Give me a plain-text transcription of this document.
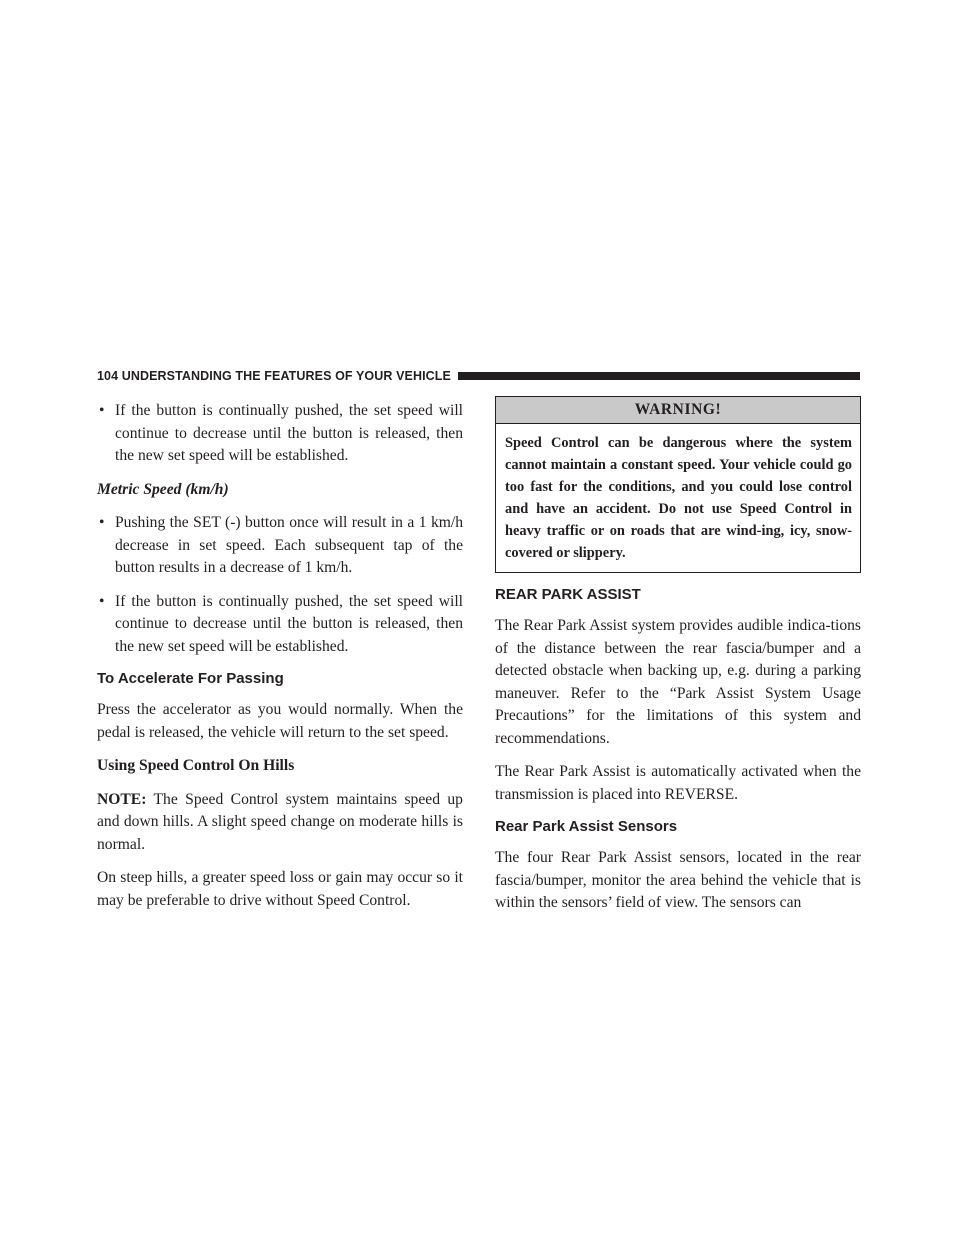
104 UNDERSTANDING THE FEATURES OF YOUR VEHICLE

• If the button is continually pushed, the set speed will continue to decrease until the button is released, then the new set speed will be established.

Metric Speed (km/h)

• Pushing the SET (-) button once will result in a 1 km/h decrease in set speed. Each subsequent tap of the button results in a decrease of 1 km/h.

• If the button is continually pushed, the set speed will continue to decrease until the button is released, then the new set speed will be established.

To Accelerate For Passing

Press the accelerator as you would normally. When the pedal is released, the vehicle will return to the set speed.

Using Speed Control On Hills

NOTE: The Speed Control system maintains speed up and down hills. A slight speed change on moderate hills is normal.

On steep hills, a greater speed loss or gain may occur so it may be preferable to drive without Speed Control.

WARNING!
Speed Control can be dangerous where the system cannot maintain a constant speed. Your vehicle could go too fast for the conditions, and you could lose control and have an accident. Do not use Speed Control in heavy traffic or on roads that are wind-ing, icy, snow-covered or slippery.

REAR PARK ASSIST

The Rear Park Assist system provides audible indica-tions of the distance between the rear fascia/bumper and a detected obstacle when backing up, e.g. during a parking maneuver. Refer to the “Park Assist System Usage Precautions” for the limitations of this system and recommendations.

The Rear Park Assist is automatically activated when the transmission is placed into REVERSE.

Rear Park Assist Sensors

The four Rear Park Assist sensors, located in the rear fascia/bumper, monitor the area behind the vehicle that is within the sensors’ field of view. The sensors can
